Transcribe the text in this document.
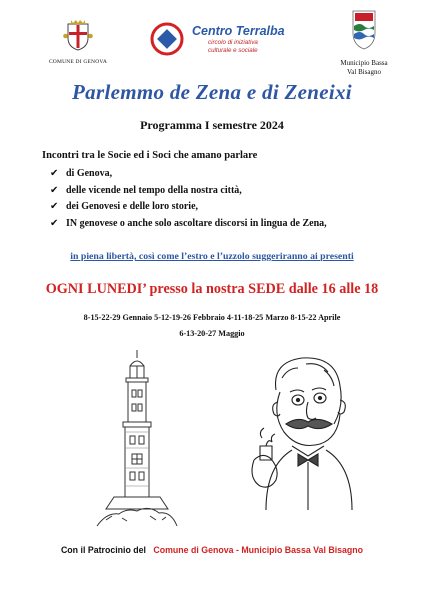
COMUNE DI GENOVA
Centro Terralba
circolo di iniziativa
culturale e sociale
Municipio Bassa
Val Bisagno
Parlemmo de Zena e di Zeneixi
Programma I semestre 2024
Incontri tra le Socie ed i Soci che amano parlare
✔ di Genova,
✔ delle vicende nel tempo della nostra città,
✔ dei Genovesi e delle loro storie,
✔ IN genovese o anche solo ascoltare discorsi in lingua de Zena,
in piena libertà, così come l’estro e l’uzzolo suggeriranno ai presenti
OGNI LUNEDI’ presso la nostra SEDE dalle 16 alle 18
8-15-22-29 Gennaio 5-12-19-26 Febbraio 4-11-18-25 Marzo 8-15-22 Aprile
6-13-20-27 Maggio
Con il Patrocinio del Comune di Genova - Municipio Bassa Val Bisagno
